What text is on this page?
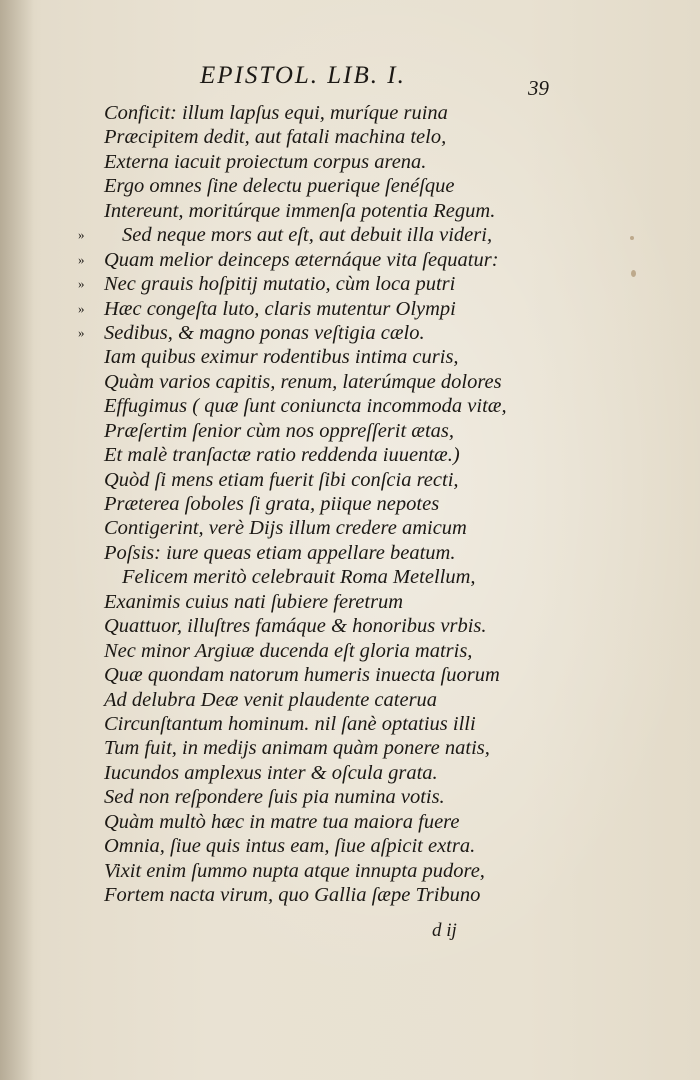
EPISTOL. LIB. I.	39
Conficit: illum lapſus equi, muríque ruina
Præcipitem dedit, aut fatali machina telo,
Externa iacuit proiectum corpus arena.
Ergo omnes ſine delectu puerique ſenéſque
Intereunt, moritúrque immenſa potentia Regum.
»	Sed neque mors aut eſt, aut debuit illa videri,
» Quam melior deinceps æternáque vita ſequatur:
» Nec grauis hoſpitij mutatio, cùm loca putri
» Hæc congeſta luto, claris mutentur Olympi
» Sedibus, & magno ponas veſtigia cælo.
Iam quibus eximur rodentibus intima curis,
Quàm varios capitis, renum, laterúmque dolores
Effugimus ( quæ ſunt coniuncta incommoda vitæ,
Præſertim ſenior cùm nos oppreſſerit ætas,
Et malè tranſactæ ratio reddenda iuuentæ.)
Quòd ſi mens etiam fuerit ſibi conſcia recti,
Præterea ſoboles ſi grata, piique nepotes
Contigerint, verè Dijs illum credere amicum
Poſsis: iure queas etiam appellare beatum.
Felicem meritò celebrauit Roma Metellum,
Exanimis cuius nati ſubiere feretrum
Quattuor, illuſtres famáque & honoribus vrbis.
Nec minor Argiuæ ducenda eſt gloria matris,
Quæ quondam natorum humeris inuecta ſuorum
Ad delubra Deæ venit plaudente caterua
Circunſtantum hominum. nil ſanè optatius illi
Tum fuit, in medijs animam quàm ponere natis,
Iucundos amplexus inter & oſcula grata.
Sed non reſpondere ſuis pia numina votis.
Quàm multò hæc in matre tua maiora fuere
Omnia, ſiue quis intus eam, ſiue aſpicit extra.
Vixit enim ſummo nupta atque innupta pudore,
Fortem nacta virum, quo Gallia ſæpe Tribuno
d ij
